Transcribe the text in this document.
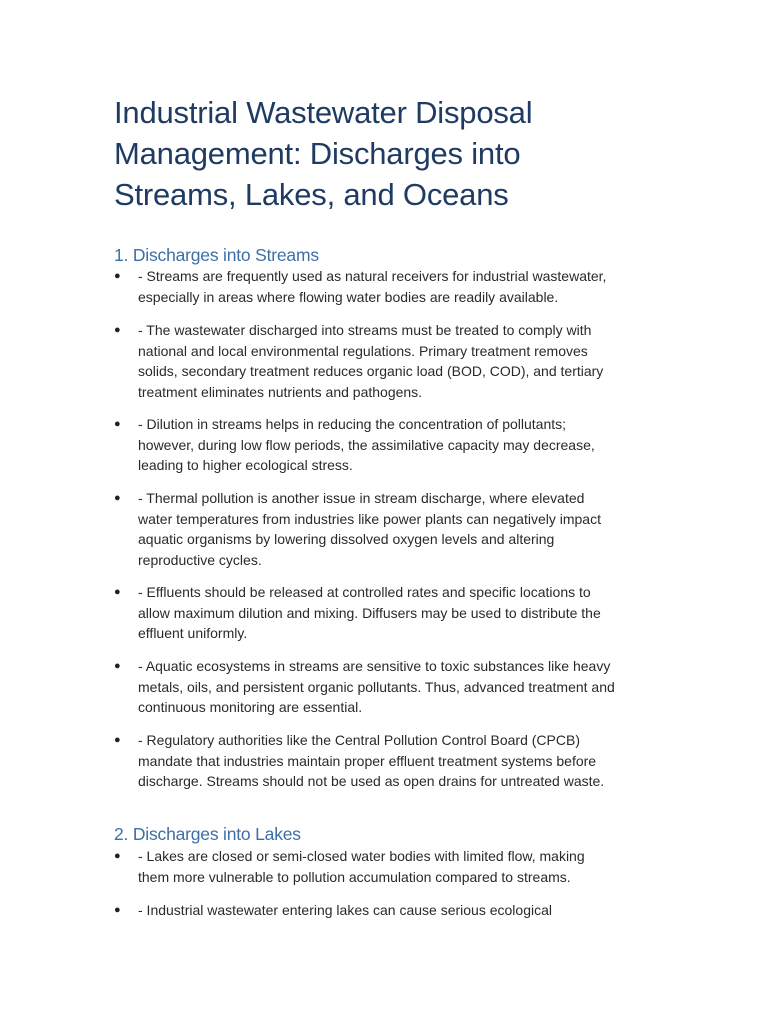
Industrial Wastewater Disposal
Management: Discharges into
Streams, Lakes, and Oceans
1. Discharges into Streams
●	- Streams are frequently used as natural receivers for industrial wastewater,
especially in areas where flowing water bodies are readily available.
●	- The wastewater discharged into streams must be treated to comply with
national and local environmental regulations. Primary treatment removes
solids, secondary treatment reduces organic load (BOD, COD), and tertiary
treatment eliminates nutrients and pathogens.
●	- Dilution in streams helps in reducing the concentration of pollutants;
however, during low flow periods, the assimilative capacity may decrease,
leading to higher ecological stress.
●	- Thermal pollution is another issue in stream discharge, where elevated
water temperatures from industries like power plants can negatively impact
aquatic organisms by lowering dissolved oxygen levels and altering
reproductive cycles.
●	- Effluents should be released at controlled rates and specific locations to
allow maximum dilution and mixing. Diffusers may be used to distribute the
effluent uniformly.
●	- Aquatic ecosystems in streams are sensitive to toxic substances like heavy
metals, oils, and persistent organic pollutants. Thus, advanced treatment and
continuous monitoring are essential.
●	- Regulatory authorities like the Central Pollution Control Board (CPCB)
mandate that industries maintain proper effluent treatment systems before
discharge. Streams should not be used as open drains for untreated waste.
2. Discharges into Lakes
●	- Lakes are closed or semi-closed water bodies with limited flow, making
them more vulnerable to pollution accumulation compared to streams.
●	- Industrial wastewater entering lakes can cause serious ecological
